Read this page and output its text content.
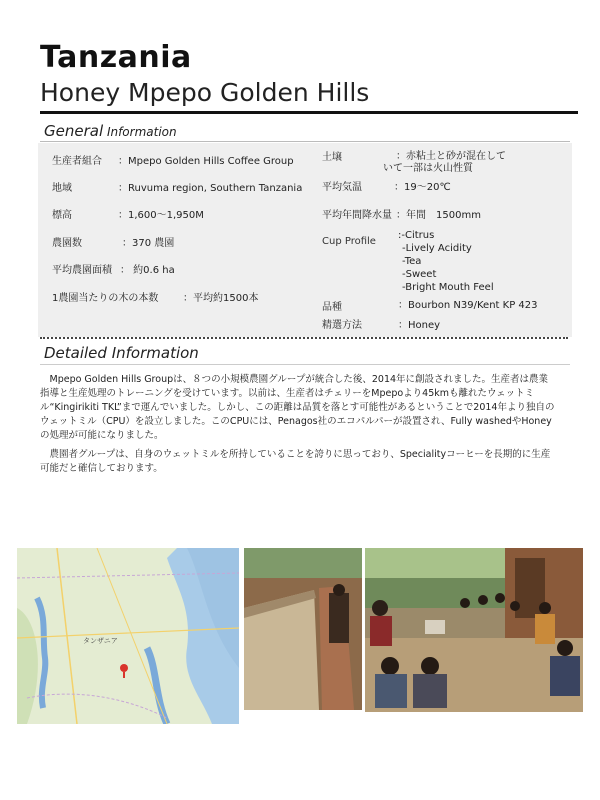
Tanzania
Honey Mpepo Golden Hills
General Information
生産者組合 ：Mpepo Golden Hills Coffee Group
地域	：Ruvuma region, Southern Tanzania
標高	：1,600～1,950M
農園数	：370 農園
平均農園面積 ： 約0.6 ha
1農園当たりの木の本数 ：平均約1500本
土壌	：赤粘土と砂が混在して
いて一部は火山性質
平均気温	：19～20℃
平均年間降水量 ：年間　1500mm
Cup Profile
:-Citrus
-Lively Acidity
-Tea
-Sweet
-Bright Mouth Feel
品種	：Bourbon N39/Kent KP 423
精選方法	：Honey
Detailed Information
Mpepo Golden Hills Groupは、８つの小規模農園グループが統合した後、2014年に創設されました。生産者は農業指導と生産処理のトレーニングを受けています。以前は、生産者はチェリーをMpepoより45kmも離れたウェットミル“Kingirikiti TKL”まで運んでいました。しかし、この距離は品質を落とす可能性があるということで2014年より独自のウェットミル（CPU）を設立しました。このCPUには、Penagos社のエコパルパーが設置され、Fully washedやHoneyの処理が可能になりました。
農園者グループは、自身のウェットミルを所持していることを誇りに思っており、Specialityコーヒーを長期的に生産可能だと確信しております。
タンザニア
